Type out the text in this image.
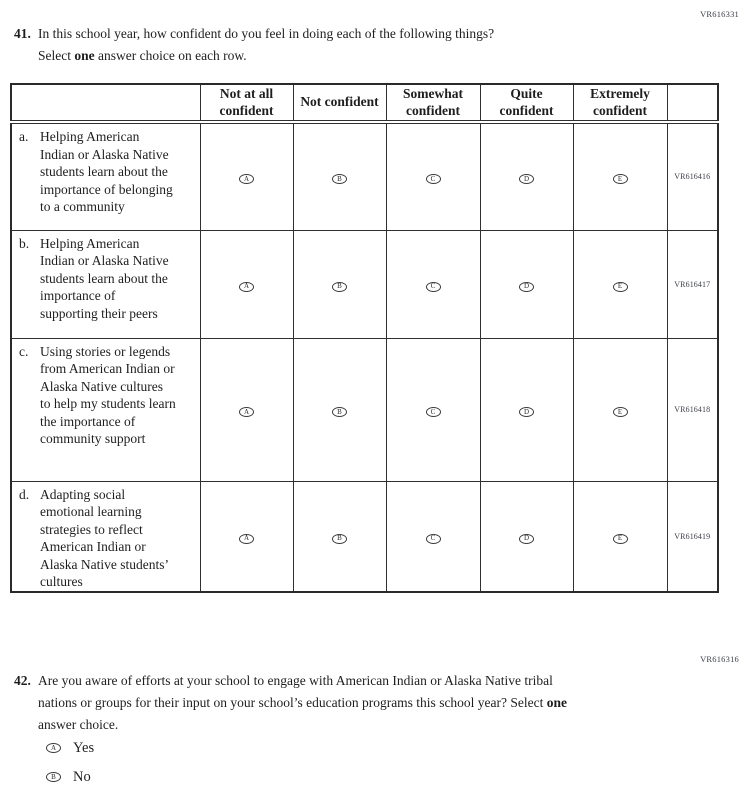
VR616331
41. In this school year, how confident do you feel in doing each of the following things?
Select one answer choice on each row.
	Not at all confident	Not confident	Somewhat confident	Quite confident	Extremely confident	

a. Helping American Indian or Alaska Native students learn about the importance of belonging to a community	A	B	C	D	E	VR616416

b. Helping American Indian or Alaska Native students learn about the importance of supporting their peers	A	B	C	D	E	VR616417

c. Using stories or legends from American Indian or Alaska Native cultures to help my students learn the importance of community support	A	B	C	D	E	VR616418

d. Adapting social emotional learning strategies to reflect American Indian or Alaska Native students’ cultures	A	B	C	D	E	VR616419
VR616316
42. Are you aware of efforts at your school to engage with American Indian or Alaska Native tribal nations or groups for their input on your school’s education programs this school year? Select one answer choice.
A	Yes
B	No
